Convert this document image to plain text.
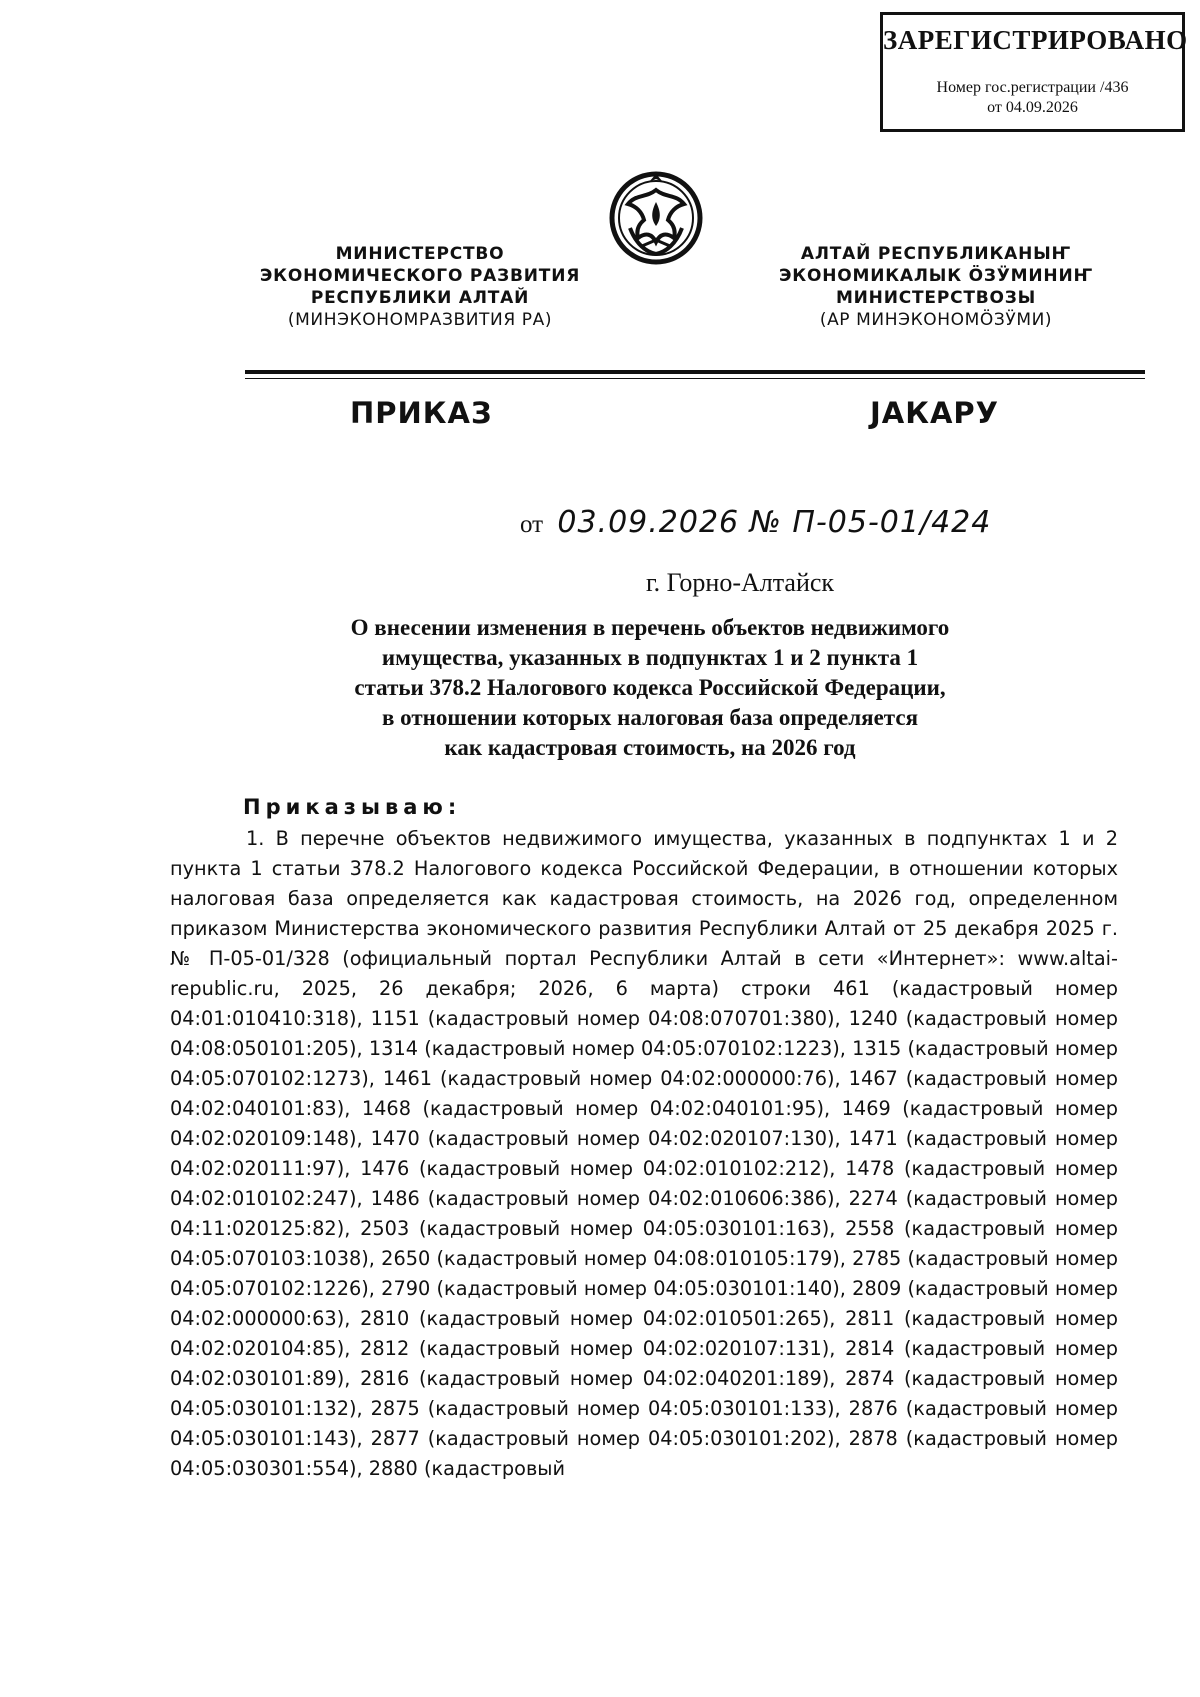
ЗАРЕГИСТРИРОВАНО
Номер гос.регистрации /436
от 04.09.2026
МИНИСТЕРСТВО
ЭКОНОМИЧЕСКОГО РАЗВИТИЯ
РЕСПУБЛИКИ АЛТАЙ
(МИНЭКОНОМРАЗВИТИЯ РА)
АЛТАЙ РЕСПУБЛИКАНЫҤ
ЭКОНОМИКАЛЫК ӦЗӰМИНИҤ
МИНИСТЕРСТВОЗЫ
(АР МИНЭКОНОМӦЗӰМИ)
ПРИКАЗ	ЈАКАРУ
от 03.09.2026 № П-05-01/424
г. Горно-Алтайск
О внесении изменения в перечень объектов недвижимого
имущества, указанных в подпунктах 1 и 2 пункта 1
статьи 378.2 Налогового кодекса Российской Федерации,
в отношении которых налоговая база определяется
как кадастровая стоимость, на 2026 год
Приказываю:

1. В перечне объектов недвижимого имущества, указанных в подпунктах 1 и 2 пункта 1 статьи 378.2 Налогового кодекса Российской Федерации, в отношении которых налоговая база определяется как кадастровая стоимость, на 2026 год, определенном приказом Министерства экономического развития Республики Алтай от 25 декабря 2025 г. № П-05-01/328 (официальный портал Республики Алтай в сети «Интернет»: www.altai-republic.ru, 2025, 26 декабря; 2026, 6 марта) строки 461 (кадастровый номер 04:01:010410:318), 1151 (кадастровый номер 04:08:070701:380), 1240 (кадастровый номер 04:08:050101:205), 1314 (кадастровый номер 04:05:070102:1223), 1315 (кадастровый номер 04:05:070102:1273), 1461 (кадастровый номер 04:02:000000:76), 1467 (кадастровый номер 04:02:040101:83), 1468 (кадастровый номер 04:02:040101:95), 1469 (кадастровый номер 04:02:020109:148), 1470 (кадастровый номер 04:02:020107:130), 1471 (кадастровый номер 04:02:020111:97), 1476 (кадастровый номер 04:02:010102:212), 1478 (кадастровый номер 04:02:010102:247), 1486 (кадастровый номер 04:02:010606:386), 2274 (кадастровый номер 04:11:020125:82), 2503 (кадастровый номер 04:05:030101:163), 2558 (кадастровый номер 04:05:070103:1038), 2650 (кадастровый номер 04:08:010105:179), 2785 (кадастровый номер 04:05:070102:1226), 2790 (кадастровый номер 04:05:030101:140), 2809 (кадастровый номер 04:02:000000:63), 2810 (кадастровый номер 04:02:010501:265), 2811 (кадастровый номер 04:02:020104:85), 2812 (кадастровый номер 04:02:020107:131), 2814 (кадастровый номер 04:02:030101:89), 2816 (кадастровый номер 04:02:040201:189), 2874 (кадастровый номер 04:05:030101:132), 2875 (кадастровый номер 04:05:030101:133), 2876 (кадастровый номер 04:05:030101:143), 2877 (кадастровый номер 04:05:030101:202), 2878 (кадастровый номер 04:05:030301:554), 2880 (кадастровый
